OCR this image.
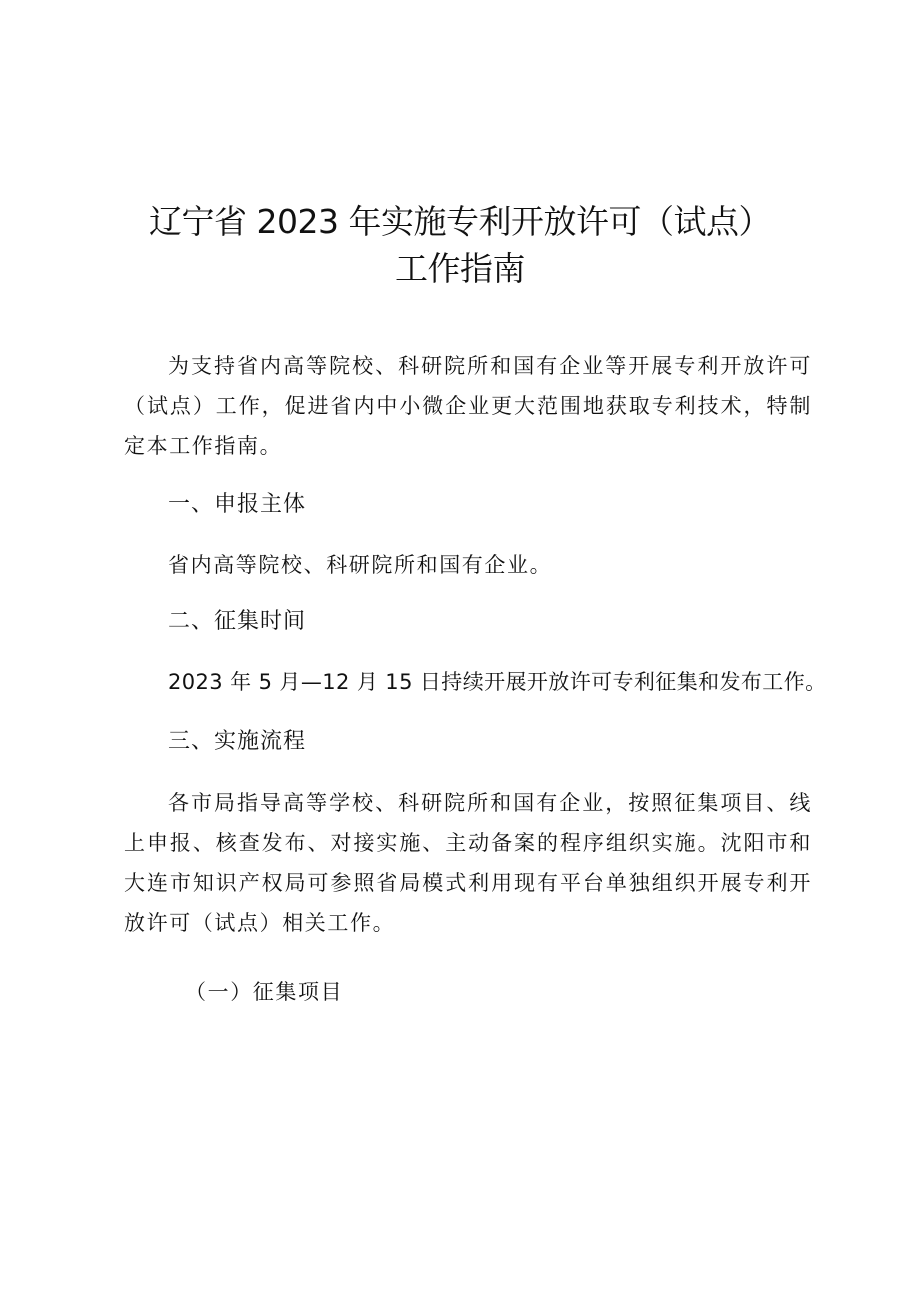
辽宁省 2023 年实施专利开放许可（试点）
工作指南

为支持省内高等院校、科研院所和国有企业等开展专利开放许可（试点）工作，促进省内中小微企业更大范围地获取专利技术，特制定本工作指南。

一、申报主体

省内高等院校、科研院所和国有企业。

二、征集时间

2023 年 5 月—12 月 15 日持续开展开放许可专利征集和发布工作。

三、实施流程

各市局指导高等学校、科研院所和国有企业，按照征集项目、线上申报、核查发布、对接实施、主动备案的程序组织实施。沈阳市和大连市知识产权局可参照省局模式利用现有平台单独组织开展专利开放许可（试点）相关工作。

（一）征集项目
